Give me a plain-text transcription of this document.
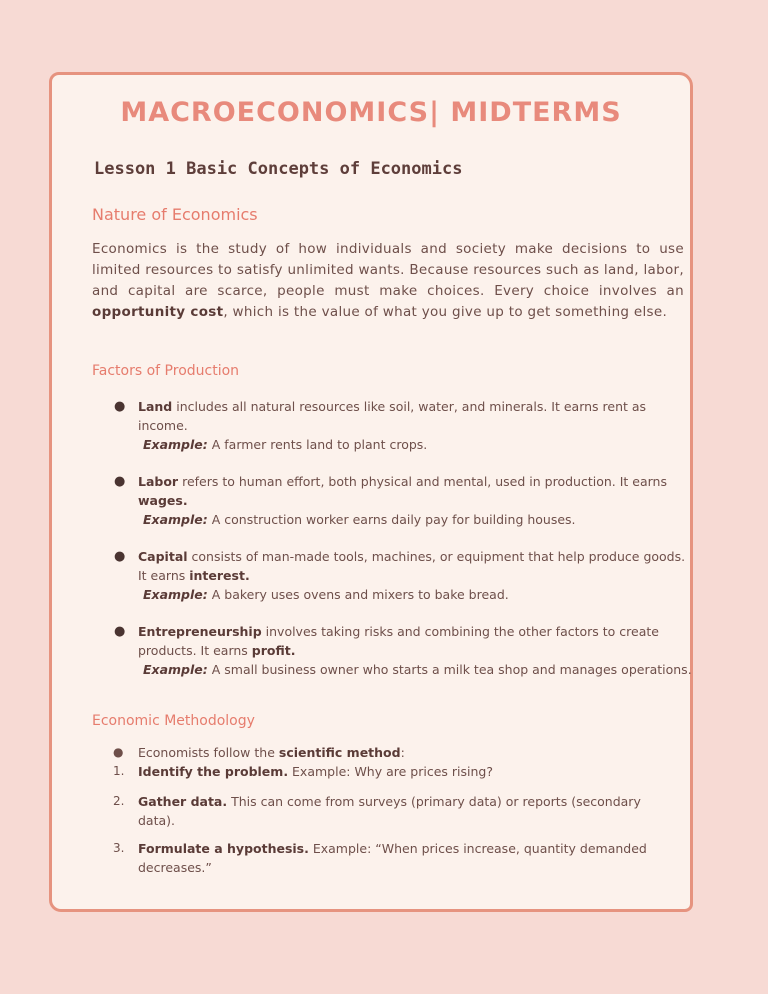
MACROECONOMICS| MIDTERMS
Lesson 1 Basic Concepts of Economics
Nature of Economics
Economics is the study of how individuals and society make decisions to use limited resources to satisfy unlimited wants. Because resources such as land, labor, and capital are scarce, people must make choices. Every choice involves an opportunity cost, which is the value of what you give up to get something else.
Factors of Production
● Land includes all natural resources like soil, water, and minerals. It earns rent as income.
Example: A farmer rents land to plant crops.
● Labor refers to human effort, both physical and mental, used in production. It earns wages.
Example: A construction worker earns daily pay for building houses.
● Capital consists of man-made tools, machines, or equipment that help produce goods. It earns interest.
Example: A bakery uses ovens and mixers to bake bread.
● Entrepreneurship involves taking risks and combining the other factors to create products. It earns profit.
Example: A small business owner who starts a milk tea shop and manages operations.
Economic Methodology
● Economists follow the scientific method:
1. Identify the problem. Example: Why are prices rising?
2. Gather data. This can come from surveys (primary data) or reports (secondary data).
3. Formulate a hypothesis. Example: “When prices increase, quantity demanded decreases.”
